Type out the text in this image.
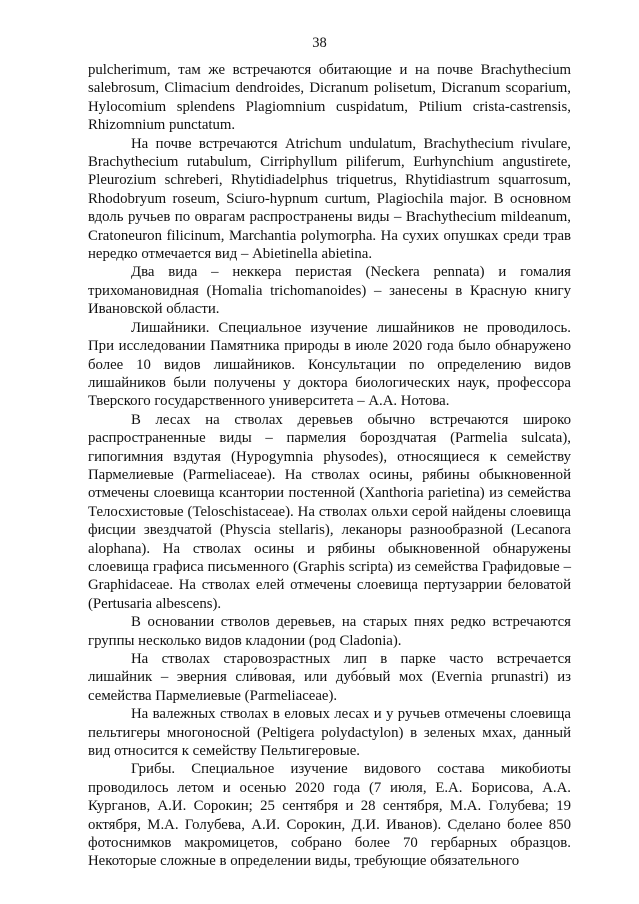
38

pulcherimum, там же встречаются обитающие и на почве Brachythecium salebrosum, Climacium dendroides, Dicranum polisetum, Dicranum scoparium, Hylocomium splendens Plagiomnium cuspidatum, Ptilium crista-castrensis, Rhizomnium punctatum.

На почве встречаются Atrichum undulatum, Brachythecium rivulare, Brachythecium rutabulum, Cirriphyllum piliferum, Eurhynchium angustirete, Pleurozium schreberi, Rhytidiadelphus triquetrus, Rhytidiastrum squarrosum, Rhodobryum roseum, Sciuro-hypnum curtum, Plagiochila major. В основном вдоль ручьев по оврагам распространены виды – Brachythecium mildeanum, Cratoneuron filicinum, Marchantia polymorpha. На сухих опушках среди трав нередко отмечается вид – Abietinella abietina.

Два вида – неккера перистая (Neckera pennata) и гомалия трихомановидная (Homalia trichomanoides) – занесены в Красную книгу Ивановской области.

Лишайники. Специальное изучение лишайников не проводилось. При исследовании Памятника природы в июле 2020 года было обнаружено более 10 видов лишайников. Консультации по определению видов лишайников были получены у доктора биологических наук, профессора Тверского государственного университета – А.А. Нотова.

В лесах на стволах деревьев обычно встречаются широко распространенные виды – пармелия бороздчатая (Parmelia sulcata), гипогимния вздутая (Hypogymnia physodes), относящиеся к семейству Пармелиевые (Parmeliaceae). На стволах осины, рябины обыкновенной отмечены слоевища ксантории постенной (Xanthoria parietina) из семейства Телосхистовые (Teloschistaceae). На стволах ольхи серой найдены слоевища фисции звездчатой (Physcia stellaris), леканоры разнообразной (Lecanora alophana). На стволах осины и рябины обыкновенной обнаружены слоевища графиса письменного (Graphis scripta) из семейства Графидовые – Graphidaceae. На стволах елей отмечены слоевища пертузаррии беловатой (Pertusaria albescens).

В основании стволов деревьев, на старых пнях редко встречаются группы несколько видов кладонии (род Cladonia).

На стволах старовозрастных лип в парке часто встречается лишайник – эверния сли́вовая, или дубо́вый мох (Evernia prunastri) из семейства Пармелиевые (Parmeliaceae).

На валежных стволах в еловых лесах и у ручьев отмечены слоевища пельтигеры многоносной (Peltigera polydactylon) в зеленых мхах, данный вид относится к семейству Пельтигеровые.

Грибы. Специальное изучение видового состава микобиоты проводилось летом и осенью 2020 года (7 июля, Е.А. Борисова, А.А. Курганов, А.И. Сорокин; 25 сентября и 28 сентября, М.А. Голубева; 19 октября, М.А. Голубева, А.И. Сорокин, Д.И. Иванов). Сделано более 850 фотоснимков макромицетов, собрано более 70 гербарных образцов. Некоторые сложные в определении виды, требующие обязательного
